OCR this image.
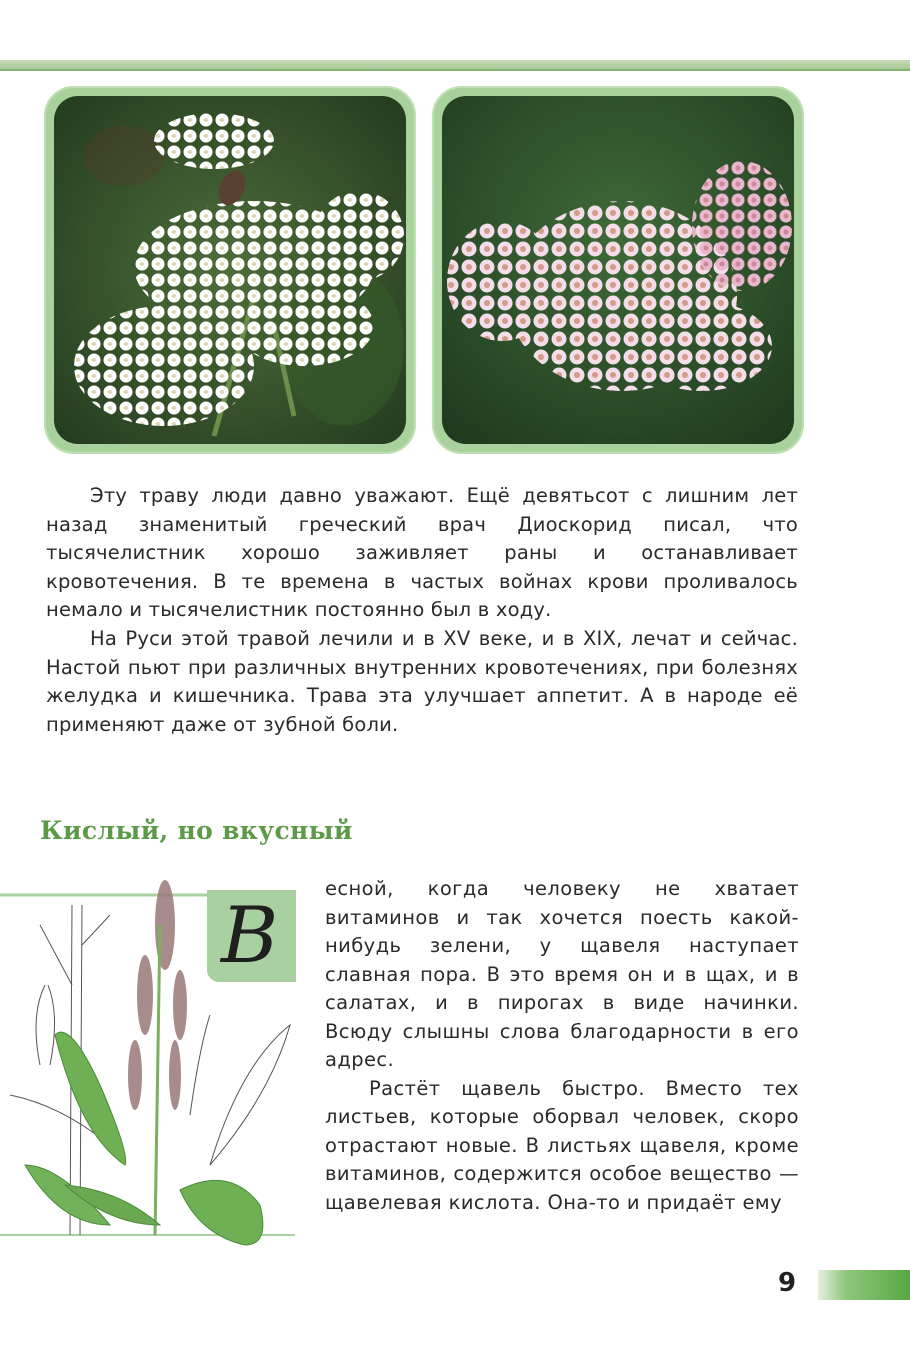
Эту траву люди давно уважают. Ещё девятьсот с лишним лет назад знаменитый греческий врач Диоскорид писал, что тысячелистник хорошо заживляет раны и останавливает кровотечения. В те времена в частых войнах крови проливалось немало и тысячелистник постоянно был в ходу.

На Руси этой травой лечили и в XV веке, и в XIX, лечат и сейчас. Настой пьют при различных внутренних кровотечениях, при болезнях желудка и кишечника. Трава эта улучшает аппетит. А в народе её применяют даже от зубной боли.

Кислый, но вкусный
В

есной, когда человеку не хватает витаминов и так хочется поесть какой-нибудь зелени, у щавеля наступает славная пора. В это время он и в щах, и в салатах, и в пирогах в виде начинки. Всюду слышны слова благодарности в его адрес.

Растёт щавель быстро. Вместо тех листьев, которые оборвал человек, скоро отрастают новые. В листьях щавеля, кроме витаминов, содержится особое вещество — щавелевая кислота. Она-то и придаёт ему

9
